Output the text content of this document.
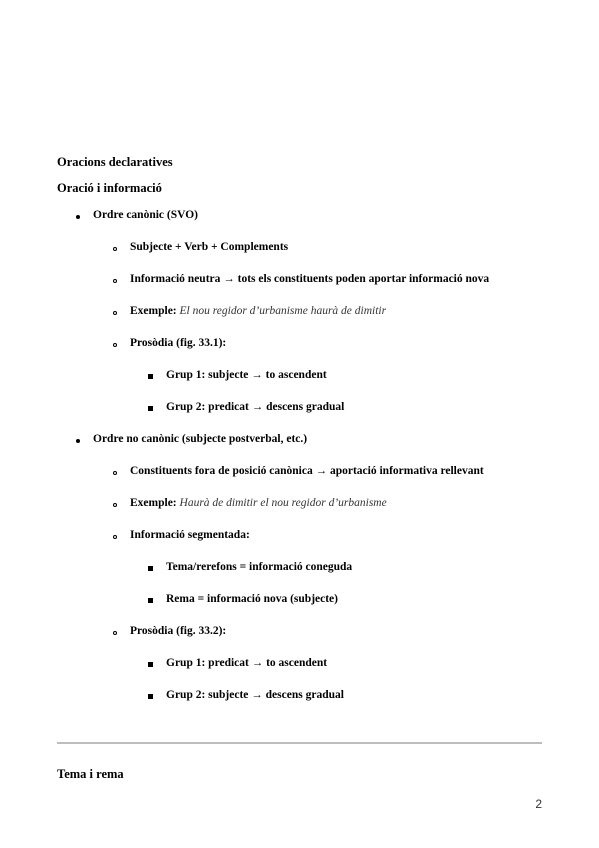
Oracions declaratives
Oració i informació
Ordre canònic (SVO)
Subjecte + Verb + Complements
Informació neutra → tots els constituents poden aportar informació nova
Exemple: El nou regidor d’urbanisme haurà de dimitir
Prosòdia (fig. 33.1):
Grup 1: subjecte → to ascendent
Grup 2: predicat → descens gradual
Ordre no canònic (subjecte postverbal, etc.)
Constituents fora de posició canònica → aportació informativa rellevant
Exemple: Haurà de dimitir el nou regidor d’urbanisme
Informació segmentada:
Tema/rerefons = informació coneguda
Rema = informació nova (subjecte)
Prosòdia (fig. 33.2):
Grup 1: predicat → to ascendent
Grup 2: subjecte → descens gradual
Tema i rema
2
